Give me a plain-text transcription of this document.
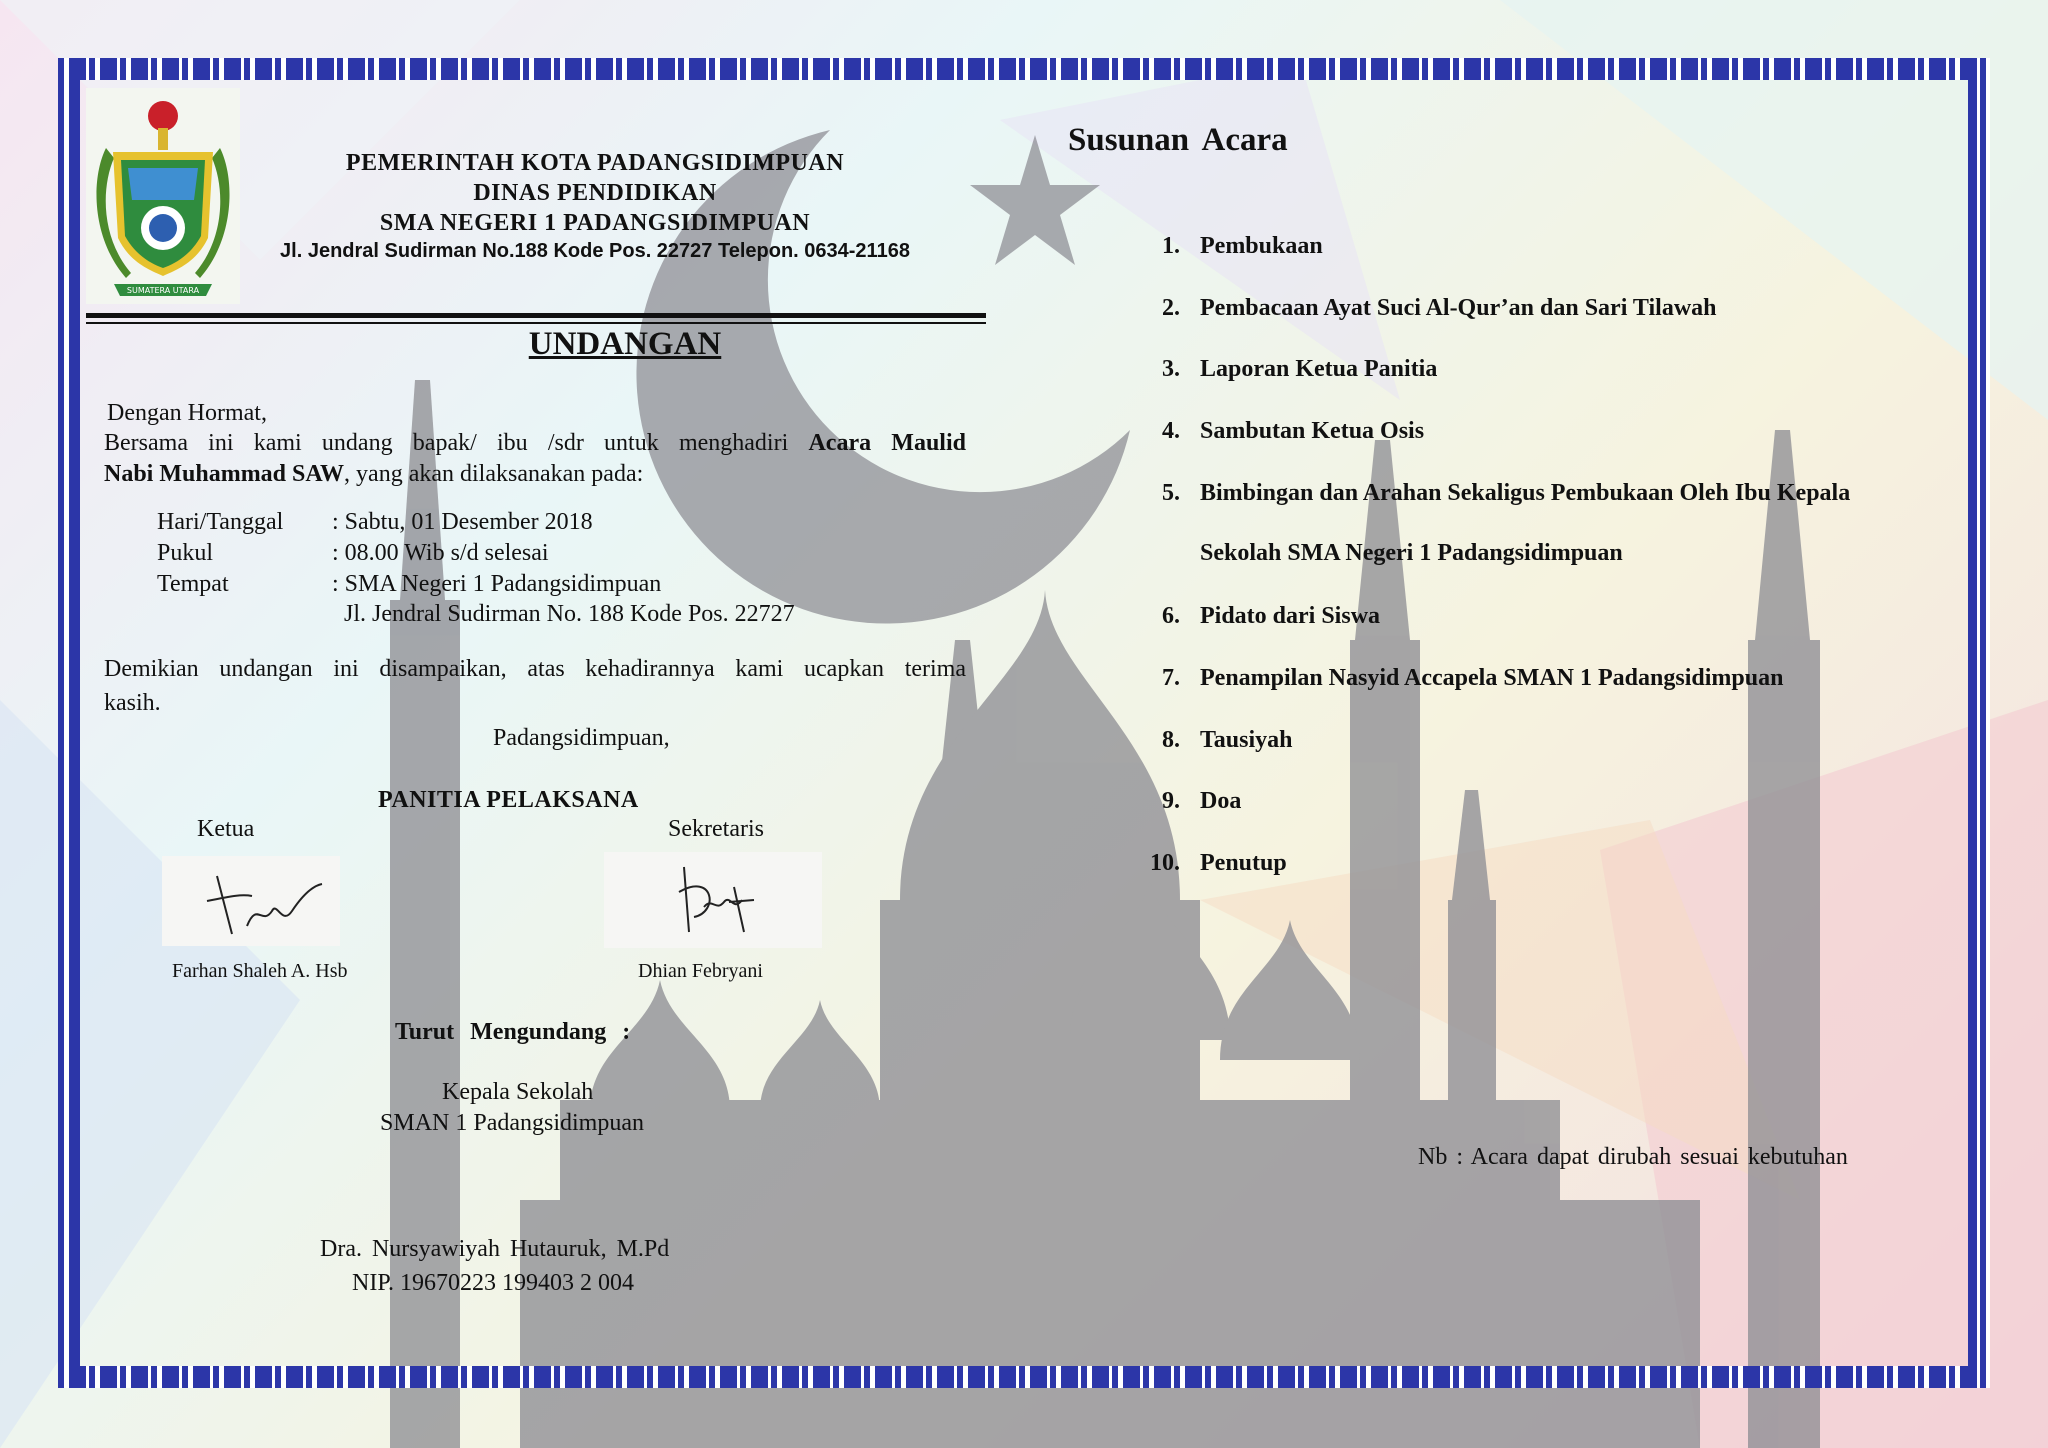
SUMATERA UTARA
PEMERINTAH KOTA PADANGSIDIMPUAN
DINAS PENDIDIKAN
SMA NEGERI 1 PADANGSIDIMPUAN
Jl. Jendral Sudirman No.188 Kode Pos. 22727 Telepon. 0634-21168
UNDANGAN
Dengan Hormat,
Bersama ini kami undang bapak/ ibu /sdr untuk menghadiri Acara Maulid
Nabi Muhammad SAW, yang akan dilaksanakan pada:
Hari/Tanggal : Sabtu, 01 Desember 2018
Pukul	: 08.00 Wib s/d selesai
Tempat	: SMA Negeri 1 Padangsidimpuan
Jl. Jendral Sudirman No. 188 Kode Pos. 22727
Demikian undangan ini disampaikan, atas kehadirannya kami ucapkan terima
kasih.
Padangsidimpuan,
PANITIA PELAKSANA
Ketua	Sekretaris
Farhan Shaleh A. Hsb	Dhian Febryani
Turut Mengundang :
Kepala Sekolah
SMAN 1 Padangsidimpuan
Dra. Nursyawiyah Hutauruk, M.Pd
NIP. 19670223 199403 2 004
Susunan Acara
1. Pembukaan
2. Pembacaan Ayat Suci Al-Qur’an dan Sari Tilawah
3. Laporan Ketua Panitia
4. Sambutan Ketua Osis
5. Bimbingan dan Arahan Sekaligus Pembukaan Oleh Ibu Kepala
Sekolah SMA Negeri 1 Padangsidimpuan
6. Pidato dari Siswa
7. Penampilan Nasyid Accapela SMAN 1 Padangsidimpuan
8. Tausiyah
9. Doa
10. Penutup
Nb : Acara dapat dirubah sesuai kebutuhan
